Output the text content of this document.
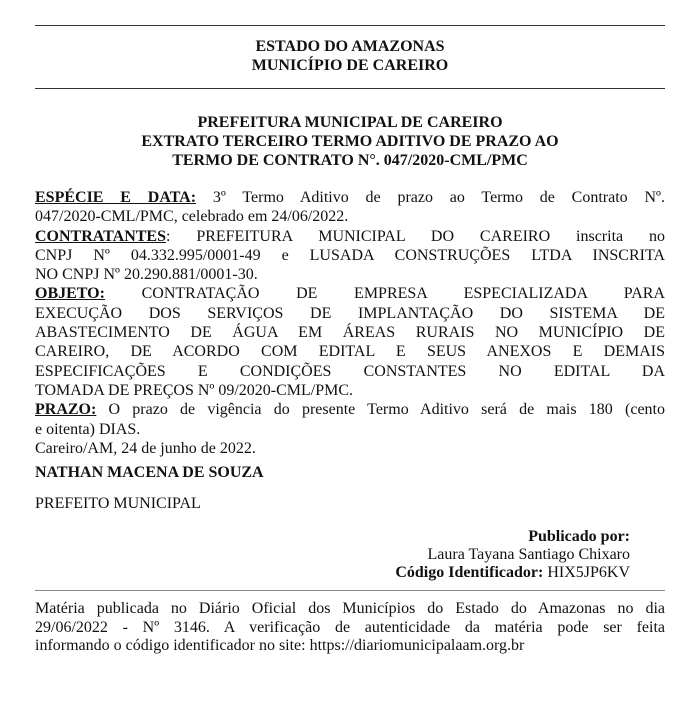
ESTADO DO AMAZONAS
MUNICÍPIO DE CAREIRO
PREFEITURA MUNICIPAL DE CAREIRO
EXTRATO TERCEIRO TERMO ADITIVO DE PRAZO AO
TERMO DE CONTRATO N°. 047/2020-CML/PMC
ESPÉCIE E DATA: 3º Termo Aditivo de prazo ao Termo de Contrato Nº.
047/2020-CML/PMC, celebrado em 24/06/2022.
CONTRATANTES: PREFEITURA MUNICIPAL DO CAREIRO inscrita no
CNPJ Nº 04.332.995/0001-49 e LUSADA CONSTRUÇÕES LTDA INSCRITA
NO CNPJ Nº 20.290.881/0001-30.
OBJETO: CONTRATAÇÃO DE EMPRESA ESPECIALIZADA PARA
EXECUÇÃO DOS SERVIÇOS DE IMPLANTAÇÃO DO SISTEMA DE
ABASTECIMENTO DE ÁGUA EM ÁREAS RURAIS NO MUNICÍPIO DE
CAREIRO, DE ACORDO COM EDITAL E SEUS ANEXOS E DEMAIS
ESPECIFICAÇÕES E CONDIÇÕES CONSTANTES NO EDITAL DA
TOMADA DE PREÇOS Nº 09/2020-CML/PMC.
PRAZO: O prazo de vigência do presente Termo Aditivo será de mais 180 (cento
e oitenta) DIAS.
Careiro/AM, 24 de junho de 2022.
NATHAN MACENA DE SOUZA
PREFEITO MUNICIPAL
Publicado por:
Laura Tayana Santiago Chixaro
Código Identificador: HIX5JP6KV
Matéria publicada no Diário Oficial dos Municípios do Estado do Amazonas no dia
29/06/2022 - Nº 3146. A verificação de autenticidade da matéria pode ser feita
informando o código identificador no site: https://diariomunicipalaam.org.br
